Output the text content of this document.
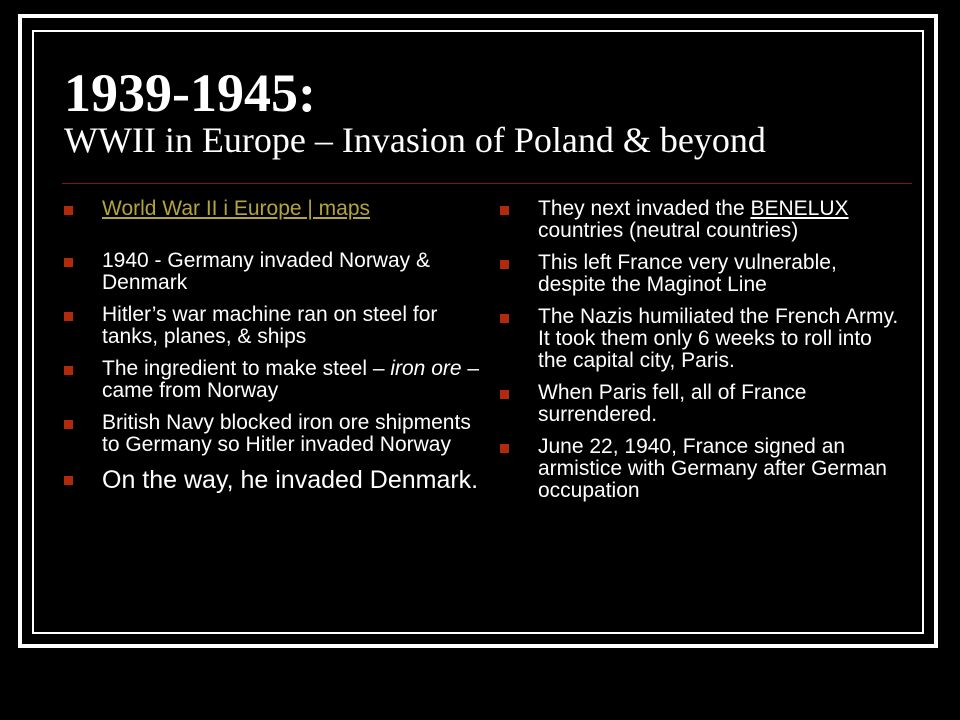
1939-1945:
WWII in Europe – Invasion of Poland & beyond
World War II i Europe | maps
1940 - Germany invaded Norway & Denmark
Hitler’s war machine ran on steel for tanks, planes, & ships
The ingredient to make steel – iron ore – came from Norway
British Navy blocked iron ore shipments to Germany so Hitler invaded Norway
On the way, he invaded Denmark.
They next invaded the BENELUX countries (neutral countries)
This left France very vulnerable, despite the Maginot Line
The Nazis humiliated the French Army. It took them only 6 weeks to roll into the capital city, Paris.
When Paris fell, all of France surrendered.
June 22, 1940, France signed an armistice with Germany after German occupation
